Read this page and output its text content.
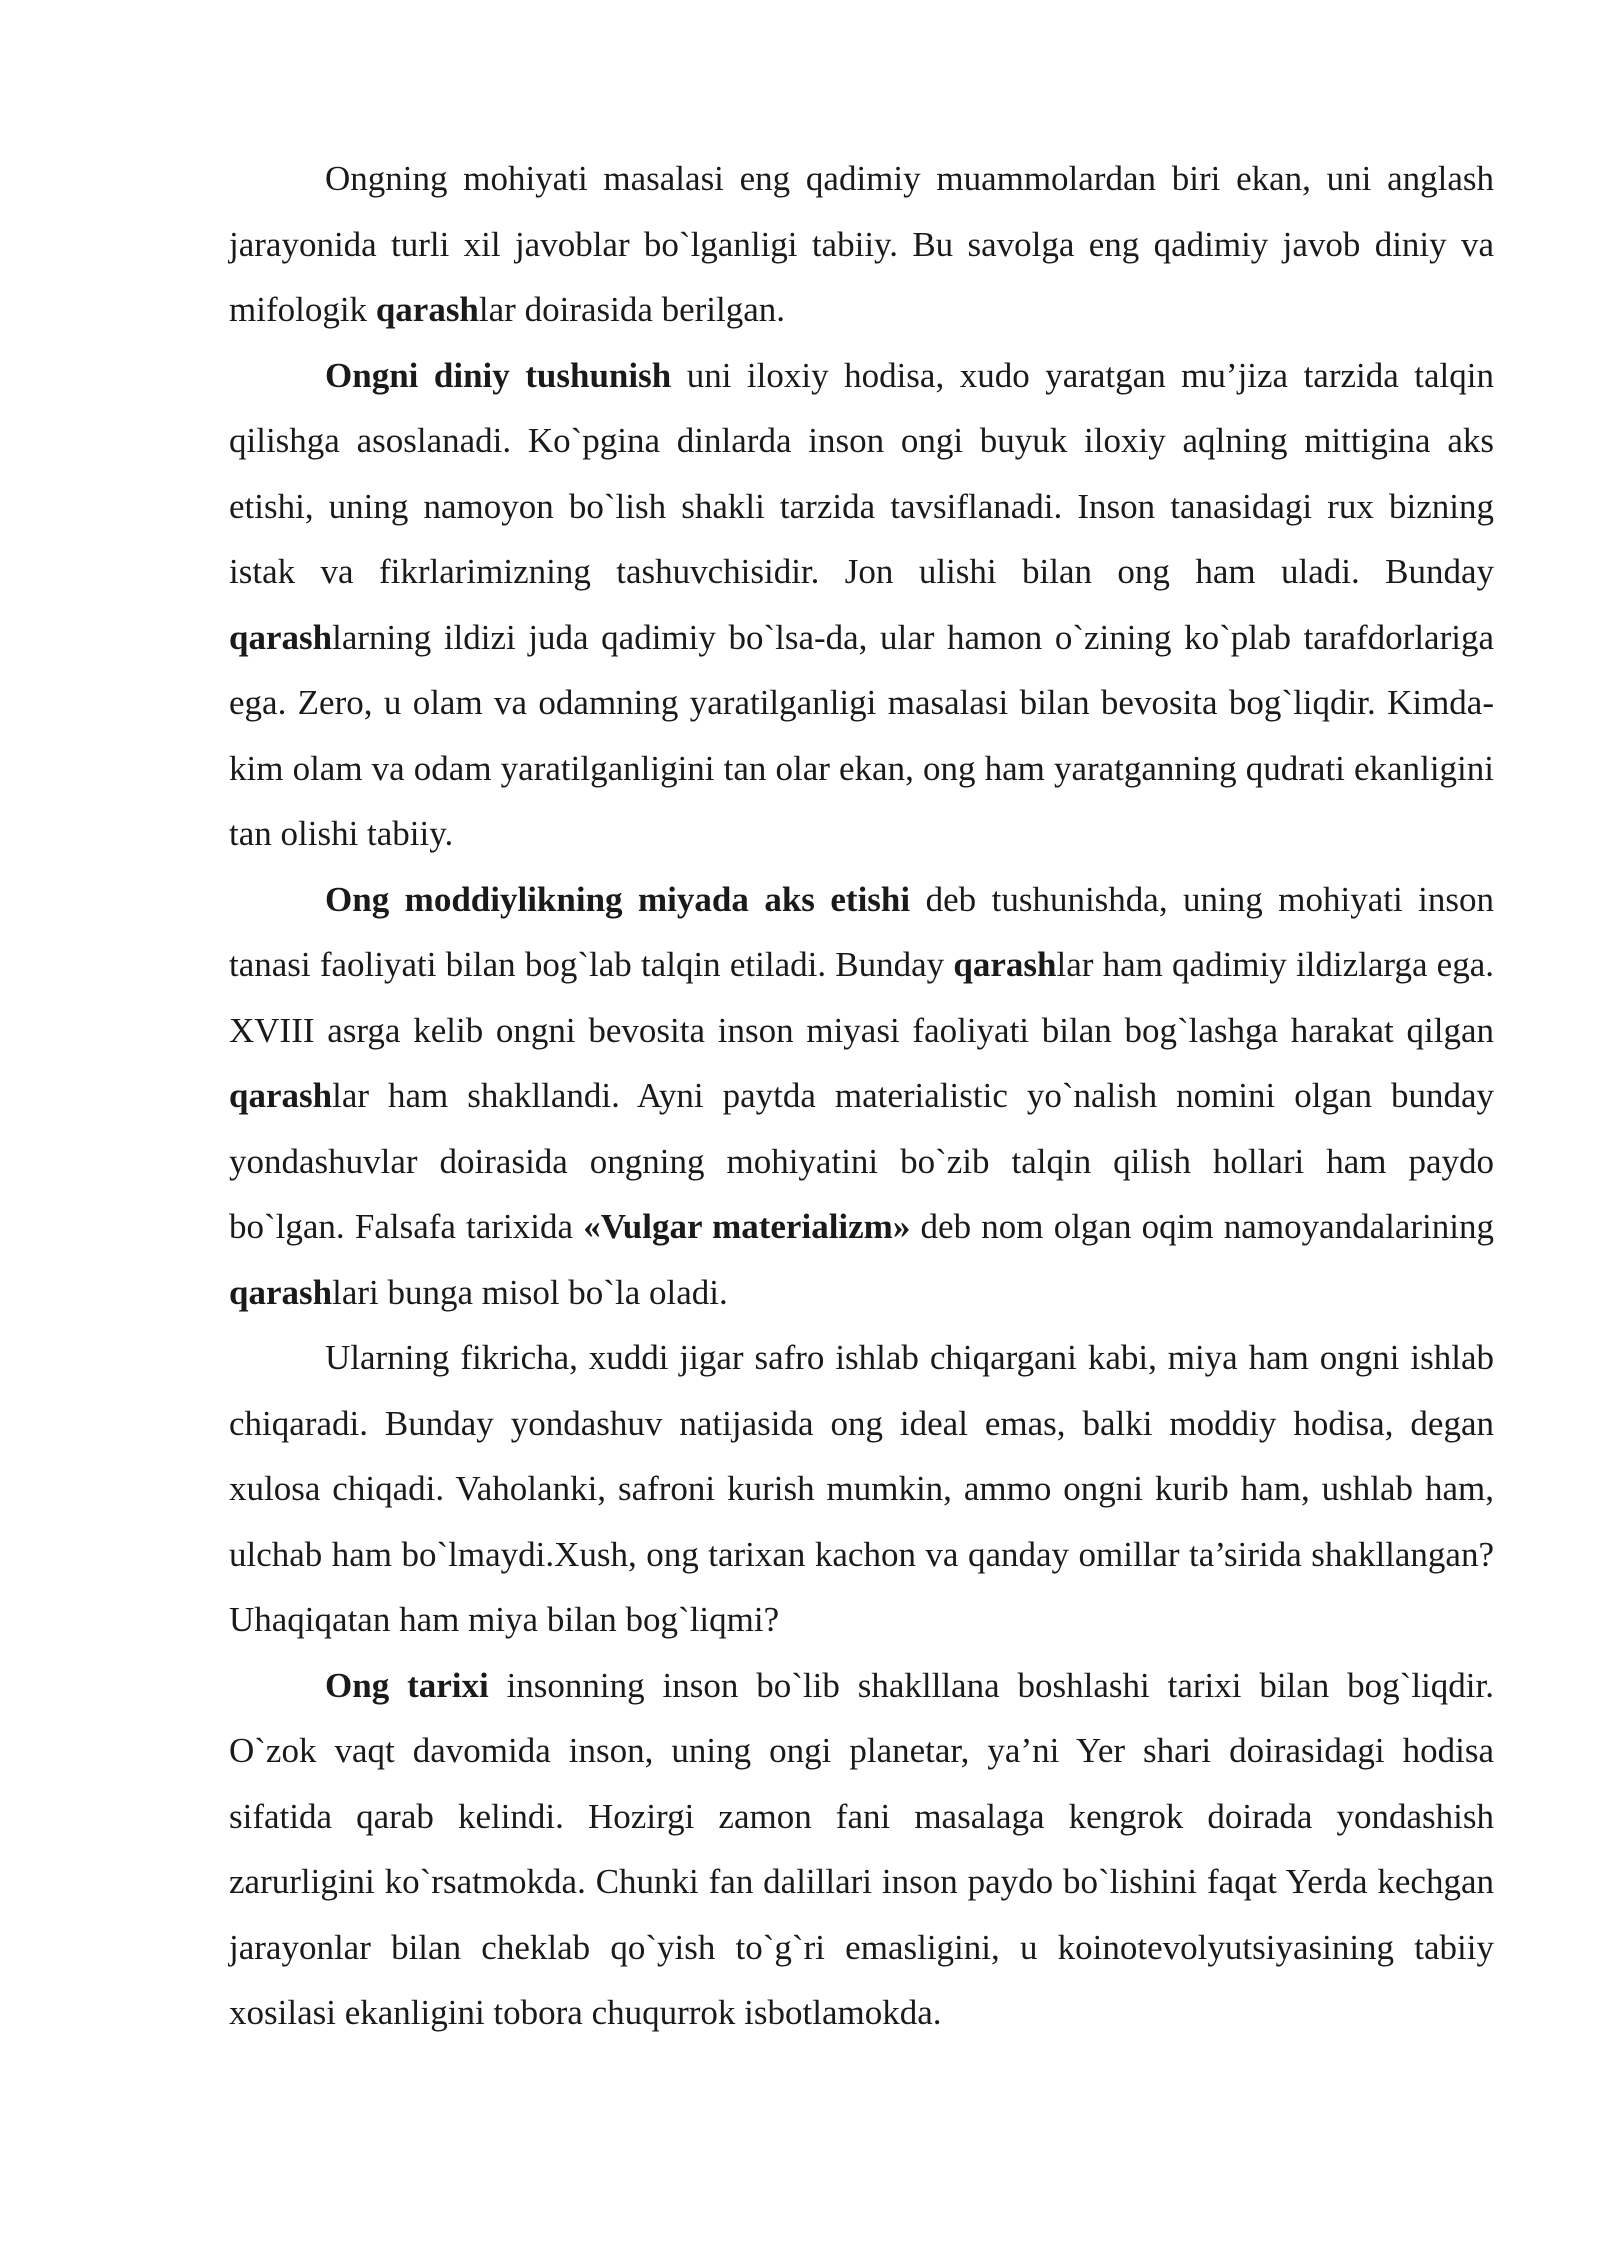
Ongning mohiyati masalasi eng qadimiy muammolardan biri ekan, uni anglash jarayonida turli xil javoblar bo`lganligi tabiiy. Bu savolga eng qadimiy javob diniy va mifologik qarashlar doirasida berilgan.

Ongni diniy tushunish uni iloxiy hodisa, xudo yaratgan mu’jiza tarzida talqin qilishga asoslanadi. Ko`pgina dinlarda inson ongi buyuk iloxiy aqlning mittigina aks etishi, uning namoyon bo`lish shakli tarzida tavsiflanadi. Inson tanasidagi rux bizning istak va fikrlarimizning tashuvchisidir. Jon ulishi bilan ong ham uladi. Bunday qarashlarning ildizi juda qadimiy bo`lsa-da, ular hamon o`zining ko`plab tarafdorlariga ega. Zero, u olam va odamning yaratilganligi masalasi bilan bevosita bog`liqdir. Kimda-kim olam va odam yaratilganligini tan olar ekan, ong ham yaratganning qudrati ekanligini tan olishi tabiiy.

Ong moddiylikning miyada aks etishi deb tushunishda, uning mohiyati inson tanasi faoliyati bilan bog`lab talqin etiladi. Bunday qarashlar ham qadimiy ildizlarga ega. XVIII asrga kelib ongni bevosita inson miyasi faoliyati bilan bog`lashga harakat qilgan qarashlar ham shakllandi. Ayni paytda materialistic yo`nalish nomini olgan bunday yondashuvlar doirasida ongning mohiyatini bo`zib talqin qilish hollari ham paydo bo`lgan. Falsafa tarixida «Vulgar materializm» deb nom olgan oqim namoyandalarining qarashlari bunga misol bo`la oladi.

Ularning fikricha, xuddi jigar safro ishlab chiqargani kabi, miya ham ongni ishlab chiqaradi. Bunday yondashuv natijasida ong ideal emas, balki moddiy hodisa, degan xulosa chiqadi. Vaholanki, safroni kurish mumkin, ammo ongni kurib ham, ushlab ham, ulchab ham bo`lmaydi.Xush, ong tarixan kachon va qanday omillar ta’sirida shakllangan? Uhaqiqatan ham miya bilan bog`liqmi?

Ong tarixi insonning inson bo`lib shaklllana boshlashi tarixi bilan bog`liqdir. O`zok vaqt davomida inson, uning ongi planetar, ya’ni Yer shari doirasidagi hodisa sifatida qarab kelindi. Hozirgi zamon fani masalaga kengrok doirada yondashish zarurligini ko`rsatmokda. Chunki fan dalillari inson paydo bo`lishini faqat Yerda kechgan jarayonlar bilan cheklab qo`yish to`g`ri emasligini, u koinotevolyutsiyasining tabiiy xosilasi ekanligini tobora chuqurrok isbotlamokda.
